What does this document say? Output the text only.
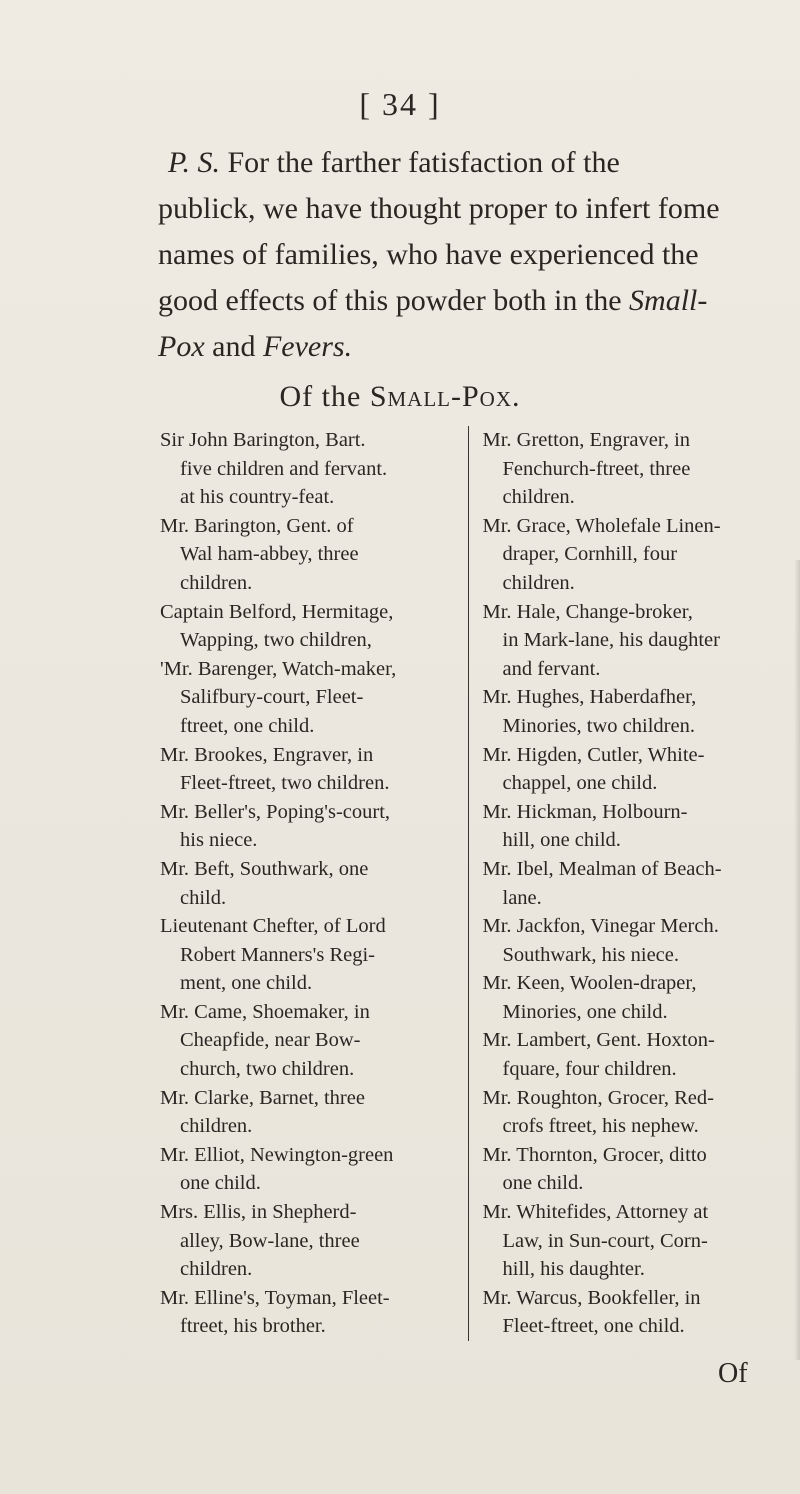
[ 34 ]
P. S. For the farther fatisfaction of the
publick, we have thought proper to infert fome
names of families, who have experienced the
good effects of this powder both in the Small-
Pox and Fevers.
Of the Small-Pox.
Sir John Barington, Bart.
five children and fervant.
at his country-feat.
Mr. Barington, Gent. of
Wal ham-abbey, three
children.
Captain Belford, Hermitage,
Wapping, two children,
'Mr. Barenger, Watch-maker,
Salifbury-court, Fleet-
ftreet, one child.
Mr. Brookes, Engraver, in
Fleet-ftreet, two children.
Mr. Beller's, Poping's-court,
his niece.
Mr. Beft, Southwark, one
child.
Lieutenant Chefter, of Lord
Robert Manners's Regi-
ment, one child.
Mr. Came, Shoemaker, in
Cheapfide, near Bow-
church, two children.
Mr. Clarke, Barnet, three
children.
Mr. Elliot, Newington-green
one child.
Mrs. Ellis, in Shepherd-
alley, Bow-lane, three
children.
Mr. Elline's, Toyman, Fleet-
ftreet, his brother.
Mr. Gretton, Engraver, in
Fenchurch-ftreet, three
children.
Mr. Grace, Wholefale Linen-
draper, Cornhill, four
children.
Mr. Hale, Change-broker,
in Mark-lane, his daughter
and fervant.
Mr. Hughes, Haberdafher,
Minories, two children.
Mr. Higden, Cutler, White-
chappel, one child.
Mr. Hickman, Holbourn-
hill, one child.
Mr. Ibel, Mealman of Beach-
lane.
Mr. Jackfon, Vinegar Merch.
Southwark, his niece.
Mr. Keen, Woolen-draper,
Minories, one child.
Mr. Lambert, Gent. Hoxton-
fquare, four children.
Mr. Roughton, Grocer, Red-
crofs ftreet, his nephew.
Mr. Thornton, Grocer, ditto
one child.
Mr. Whitefides, Attorney at
Law, in Sun-court, Corn-
hill, his daughter.
Mr. Warcus, Bookfeller, in
Fleet-ftreet, one child.
Of
